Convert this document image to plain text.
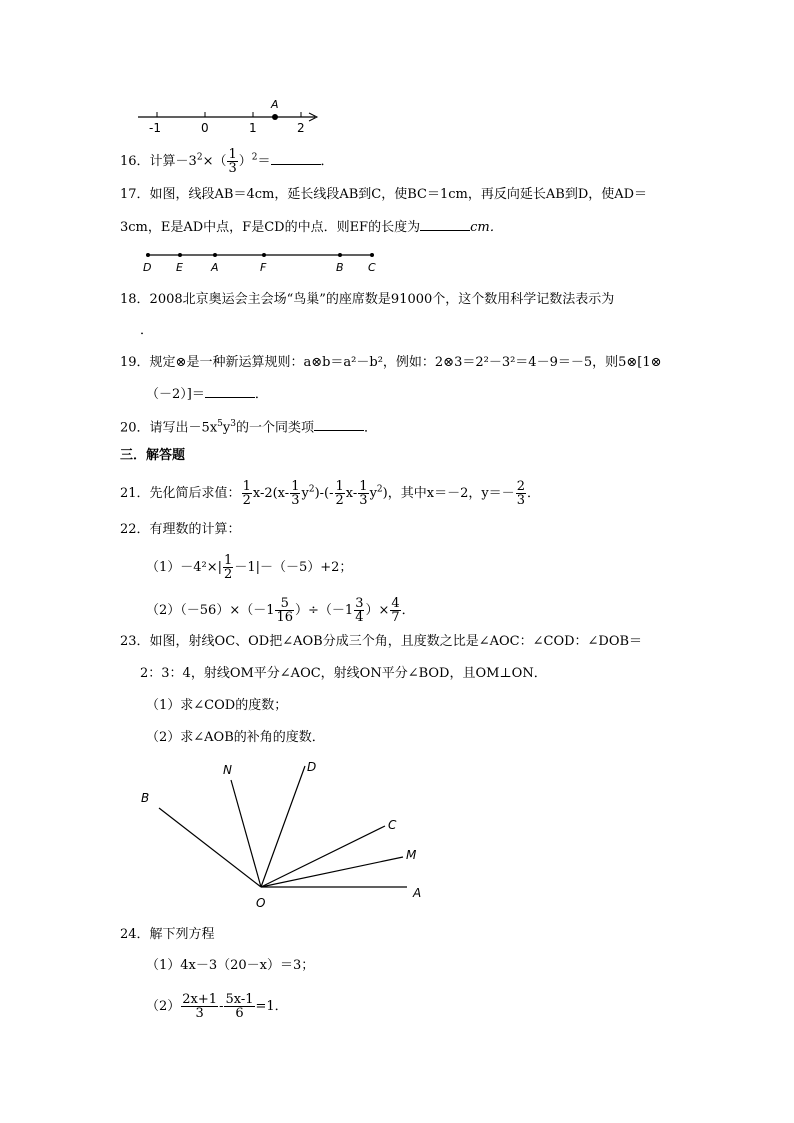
A
-1	0	1	2
16．计算$-3^2\times( \frac{1}{3} )^2=$	．
17．如图，线段AB＝4cm，延长线段AB到C，使BC＝1cm，再反向延长AB到D，使AD＝
3cm，E是AD中点，F是CD的中点．则EF的长度为	cm．
D E	A	F	B C
18．2008北京奥运会主会场“鸟巢”的座席数是91000个，这个数用科学记数法表示为
．
19．规定⊗是一种新运算规则：a⊗b＝a²－b²，例如：2⊗3＝2²－3²＝4－9＝－5，则5⊗[1⊗
（－2）]＝	．
20．请写出$-5x^5y^3$的一个同类项	．
三．解答题
21．先化简后求值： $\frac{1}{2} x-2(x- \frac{1}{3} y^2)-(- \frac{1}{2} x- \frac{1}{3} y^2)$，其中x＝－2，$y=- \frac{2}{3}$ ．
22．有理数的计算：
$(1)-4^2\times| \frac{1}{2} -1|-(-5)+2$；
$(2)(-56)\times(-1 \frac{5}{16} )\div(-1 \frac{3}{4}$ ）× $\frac{4}{7}$ ．
23．如图，射线OC、OD把∠AOB分成三个角，且度数之比是∠AOC：∠COD：∠DOB＝
2：3：4，射线OM平分∠AOC，射线ON平分∠BOD，且OM⊥ON．
（1）求∠COD的度数；
（2）求∠AOB的补角的度数．
B
N	D
C
M
A
O
24．解下列方程
（1）4x－3（20－x）＝3；
$(2) \frac{2x+1}{3} - \frac{5x-1}{6} =1$．
